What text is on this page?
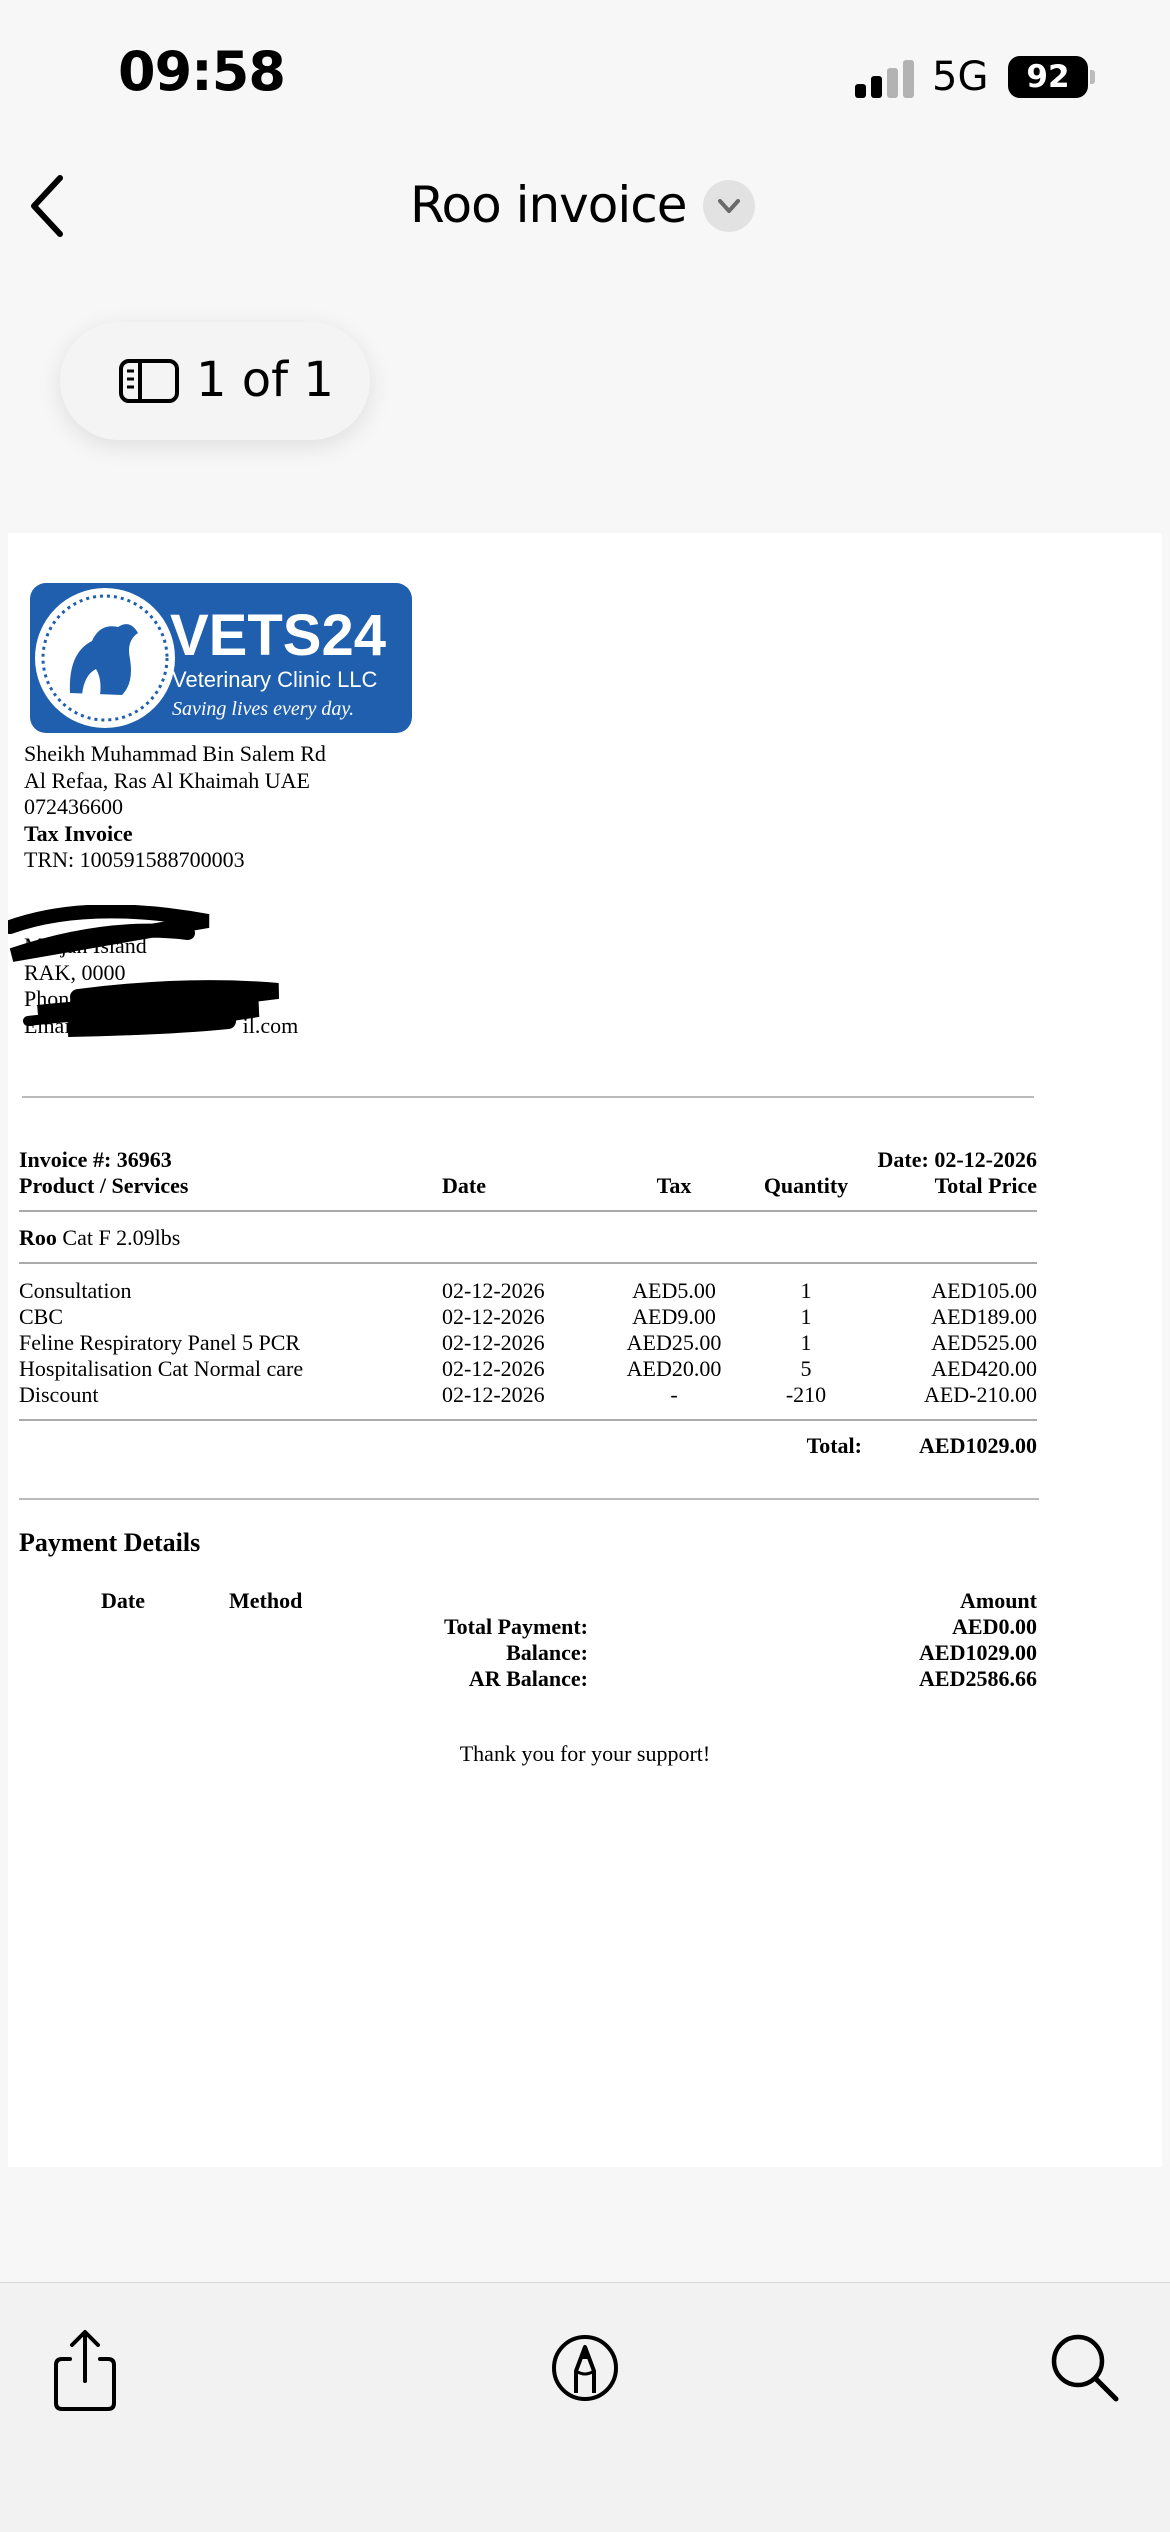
09:58	5G	92
Roo invoice
1 of 1
VETS24
Veterinary Clinic LLC
Saving lives every day.
Sheikh Muhammad Bin Salem Rd
Al Refaa, Ras Al Khaimah UAE
072436600
Tax Invoice
TRN: 100591588700003
Marjan Island
RAK, 0000
Phone:
Email:	il.com
Invoice #: 36963	Date: 02-12-2026
Product / Services	Date	Tax	Quantity	Total Price
Roo Cat F 2.09lbs
Consultation	02-12-2026	AED5.00	1	AED105.00
CBC	02-12-2026	AED9.00	1	AED189.00
Feline Respiratory Panel 5 PCR	02-12-2026	AED25.00	1	AED525.00
Hospitalisation Cat Normal care	02-12-2026	AED20.00	5	AED420.00
Discount	02-12-2026	-	-210	AED-210.00
Total:	AED1029.00
Payment Details
Date	Method	Amount
Total Payment:	AED0.00
Balance:	AED1029.00
AR Balance:	AED2586.66
Thank you for your support!
